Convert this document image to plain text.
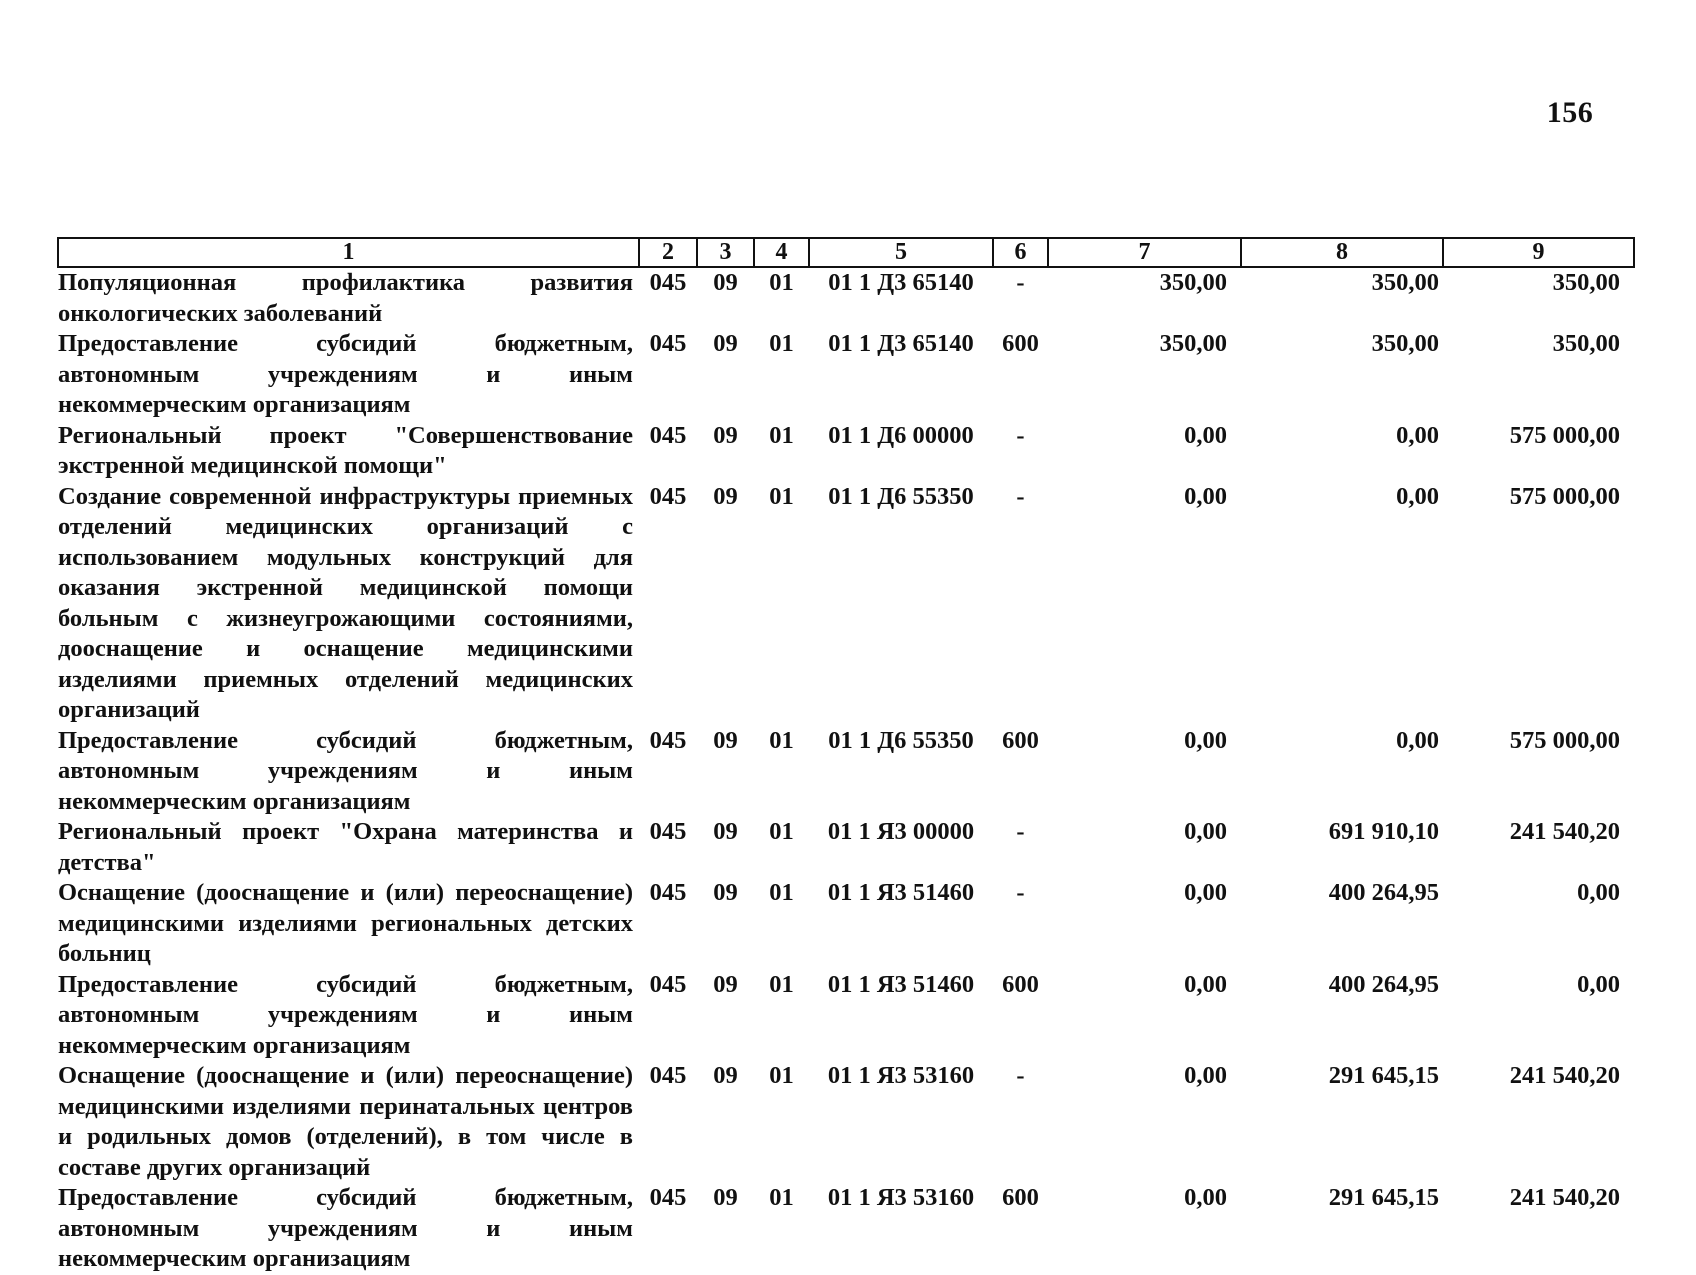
156
1	2	3	4	5	6	7	8	9
Популяционная профилактика развития онкологических заболеваний	045	09	01	01 1 Д3 65140	-	350,00	350,00	350,00
Предоставление субсидий бюджетным, автономным учреждениям и иным некоммерческим организациям	045	09	01	01 1 Д3 65140	600	350,00	350,00	350,00
Региональный проект "Совершенствование экстренной медицинской помощи"	045	09	01	01 1 Д6 00000	-	0,00	0,00	575 000,00
Создание современной инфраструктуры приемных отделений медицинских организаций с использованием модульных конструкций для оказания экстренной медицинской помощи больным с жизнеугрожающими состояниями, дооснащение и оснащение медицинскими изделиями приемных отделений медицинских организаций	045	09	01	01 1 Д6 55350	-	0,00	0,00	575 000,00
Предоставление субсидий бюджетным, автономным учреждениям и иным некоммерческим организациям	045	09	01	01 1 Д6 55350	600	0,00	0,00	575 000,00
Региональный проект "Охрана материнства и детства"	045	09	01	01 1 Я3 00000	-	0,00	691 910,10	241 540,20
Оснащение (дооснащение и (или) переоснащение) медицинскими изделиями региональных детских больниц	045	09	01	01 1 Я3 51460	-	0,00	400 264,95	0,00
Предоставление субсидий бюджетным, автономным учреждениям и иным некоммерческим организациям	045	09	01	01 1 Я3 51460	600	0,00	400 264,95	0,00
Оснащение (дооснащение и (или) переоснащение) медицинскими изделиями перинатальных центров и родильных домов (отделений), в том числе в составе других организаций	045	09	01	01 1 Я3 53160	-	0,00	291 645,15	241 540,20
Предоставление субсидий бюджетным, автономным учреждениям и иным некоммерческим организациям	045	09	01	01 1 Я3 53160	600	0,00	291 645,15	241 540,20
